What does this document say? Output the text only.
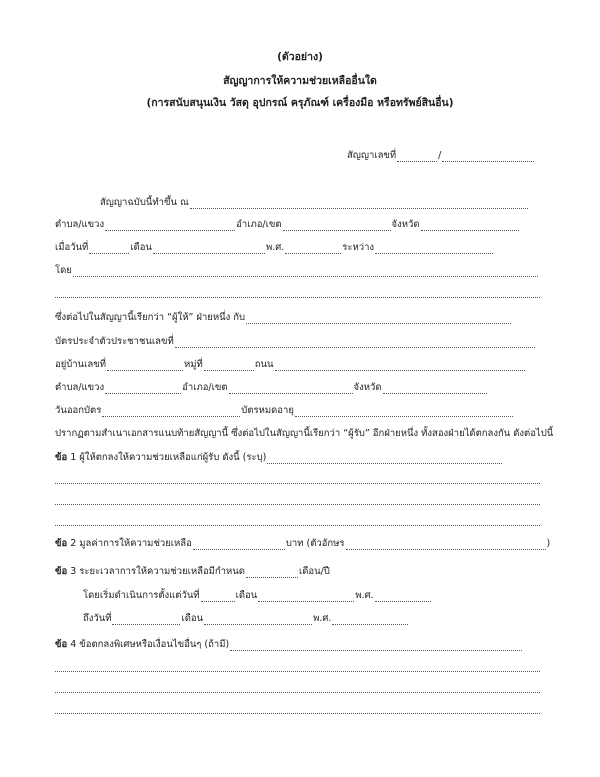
(ตัวอย่าง)
สัญญาการให้ความช่วยเหลืออื่นใด
(การสนับสนุนเงิน วัสดุ อุปกรณ์ ครุภัณฑ์ เครื่องมือ หรือทรัพย์สินอื่น)
สัญญาเลขที่	/
สัญญาฉบับนี้ทำขึ้น ณ
ตำบล/แขวง	อำเภอ/เขต	จังหวัด
เมื่อวันที่	เดือน	พ.ศ.	ระหว่าง
โดย
ซึ่งต่อไปในสัญญานี้เรียกว่า “ผู้ให้” ฝ่ายหนึ่ง กับ
บัตรประจำตัวประชาชนเลขที่
อยู่บ้านเลขที่	หมู่ที่	ถนน
ตำบล/แขวง	อำเภอ/เขต	จังหวัด
วันออกบัตร	บัตรหมดอายุ
ปรากฏตามสำเนาเอกสารแนบท้ายสัญญานี้ ซึ่งต่อไปในสัญญานี้เรียกว่า “ผู้รับ” อีกฝ่ายหนึ่ง ทั้งสองฝ่ายได้ตกลงกัน ดังต่อไปนี้
ข้อ
1 ผู้ให้ตกลงให้ความช่วยเหลือแก่ผู้รับ ดังนี้ (ระบุ)
ข้อ
2 มูลค่าการให้ความช่วยเหลือ	บาท (ตัวอักษร	)
ข้อ
3 ระยะเวลาการให้ความช่วยเหลือมีกำหนด	เดือน/ปี
โดยเริ่มดำเนินการตั้งแต่วันที่	เดือน	พ.ศ.
ถึงวันที่	เดือน	พ.ศ.
ข้อ
4 ข้อตกลงพิเศษหรือเงื่อนไขอื่นๆ (ถ้ามี)
